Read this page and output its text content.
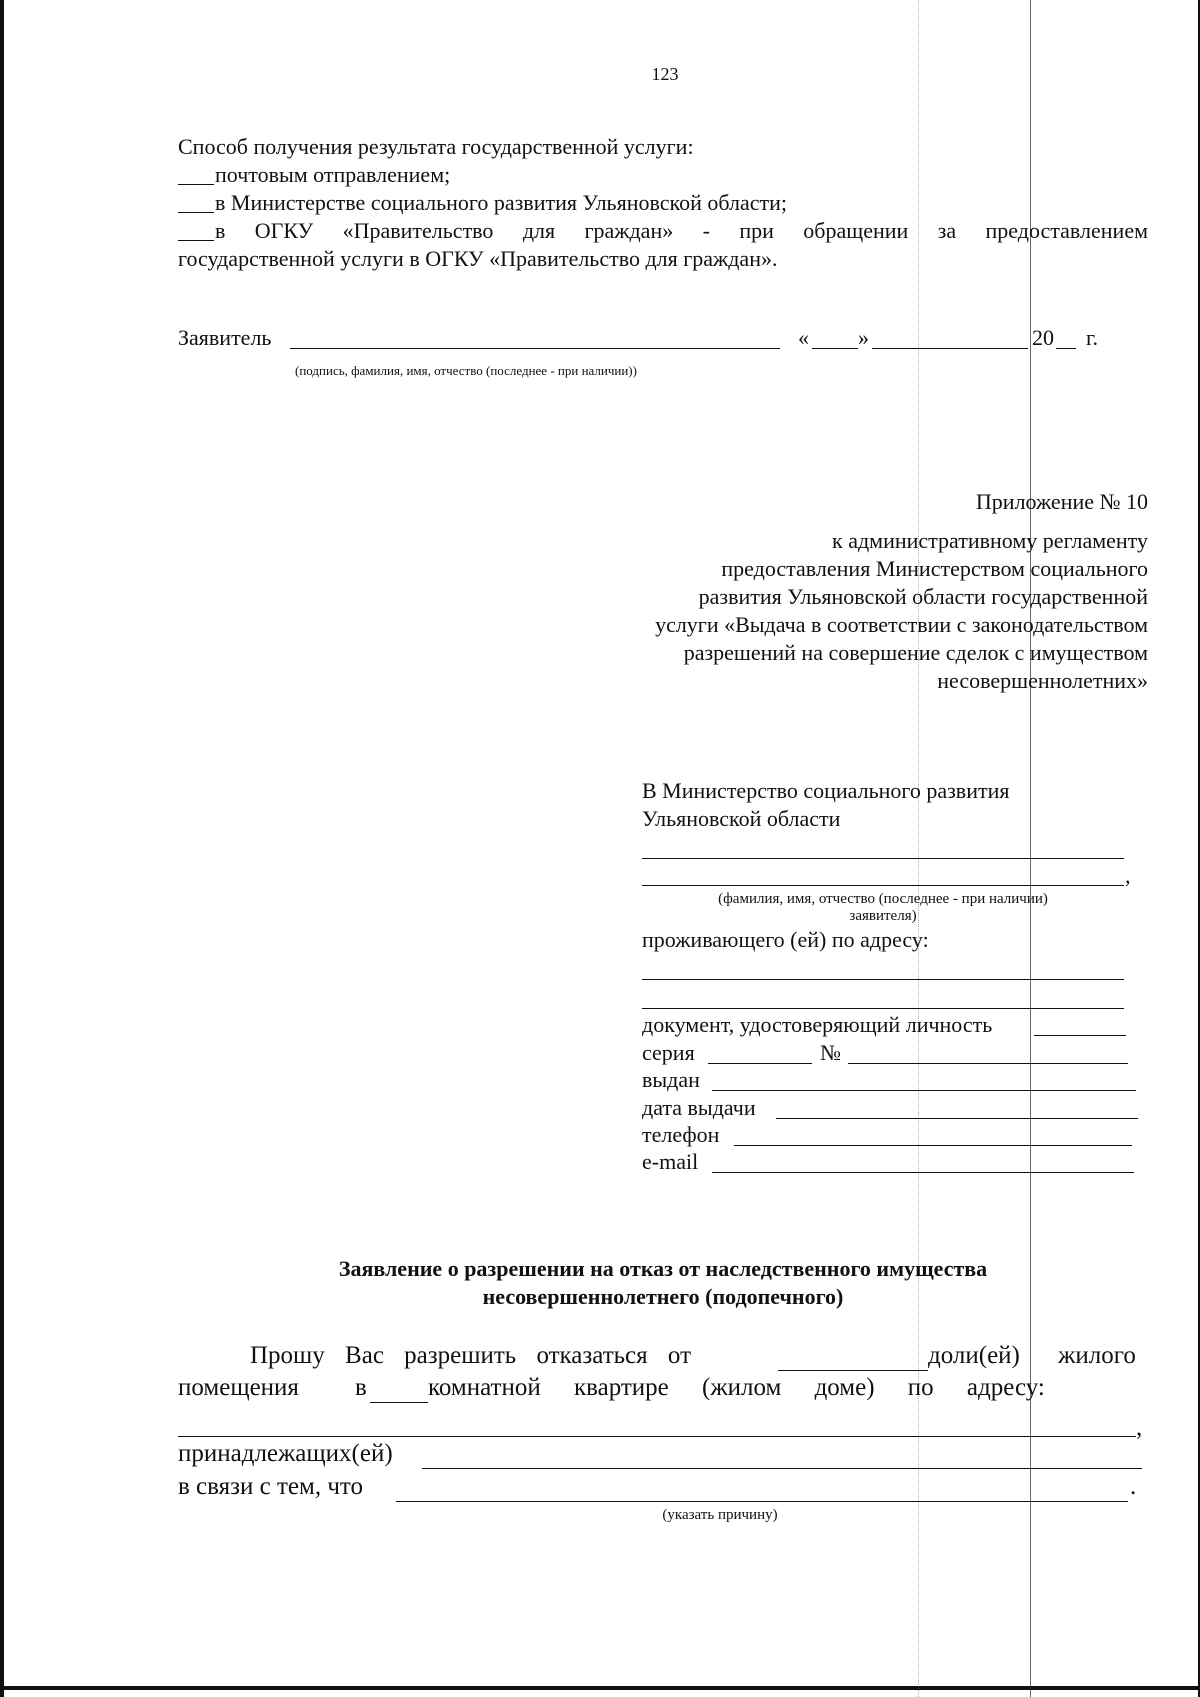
123
Способ получения результата государственной услуги:
почтовым отправлением;
в Министерстве социального развития Ульяновской области;
в ОГКУ «Правительство для граждан» - при обращении за предоставлением
государственной услуги в ОГКУ «Правительство для граждан».
Заявитель	« »	20 г.
(подпись, фамилия, имя, отчество (последнее - при наличии))
Приложение № 10
к административному регламенту
предоставления Министерством социального
развития Ульяновской области государственной
услуги «Выдача в соответствии с законодательством
разрешений на совершение сделок с имуществом
несовершеннолетних»
В Министерство социального развития
Ульяновской области
,
(фамилия, имя, отчество (последнее - при наличии)
заявителя)
проживающего (ей) по адресу:
документ, удостоверяющий личность
серия	№
выдан
дата выдачи
телефон
e-mail
Заявление о разрешении на отказ от наследственного имущества
несовершеннолетнего (подопечного)
Прошу Вас разрешить отказаться от	доли(ей) жилого
помещения в комнатной квартире (жилом доме) по адресу:
,
принадлежащих(ей)
в связи с тем, что	.
(указать причину)
